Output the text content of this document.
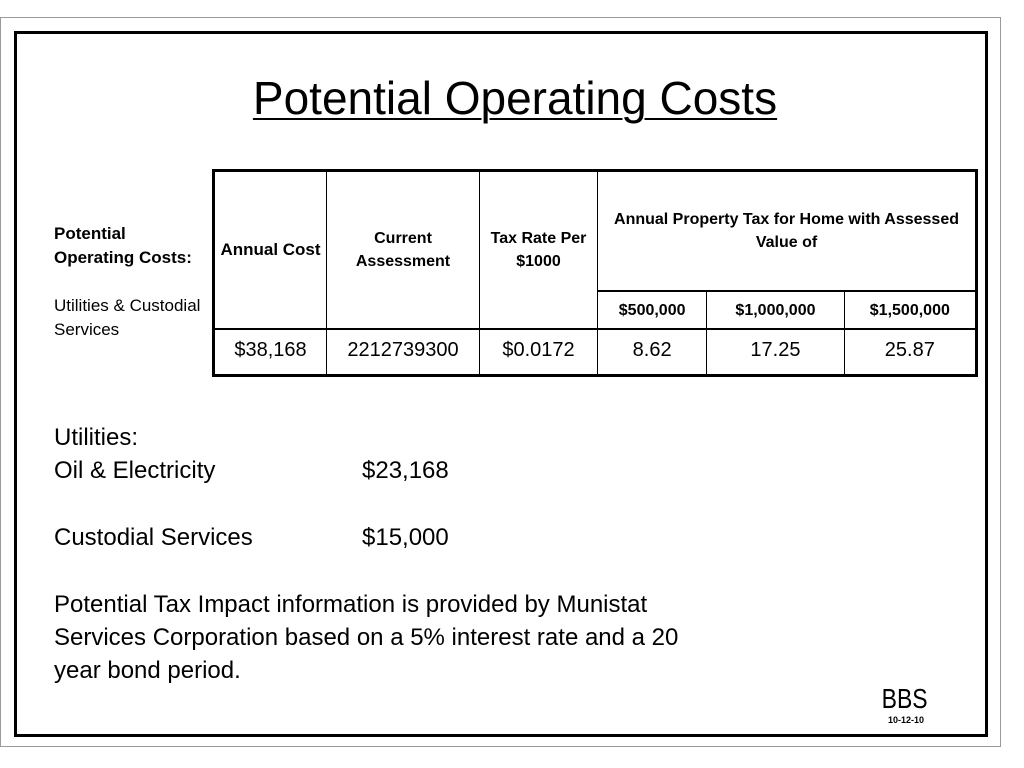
Potential Operating Costs
Potential Operating Costs:
Utilities & Custodial Services
Annual Cost	Current Assessment	Tax Rate Per $1000	Annual Property Tax for Home with Assessed Value of		
			$500,000	$1,000,000	$1,500,000
$38,168	2212739300	$0.0172	8.62	17.25	25.87
Utilities:
Oil & Electricity	$23,168
Custodial Services	$15,000
Potential Tax Impact information is provided by Munistat Services Corporation based on a 5% interest rate and a 20 year bond period.
BBS
10-12-10
